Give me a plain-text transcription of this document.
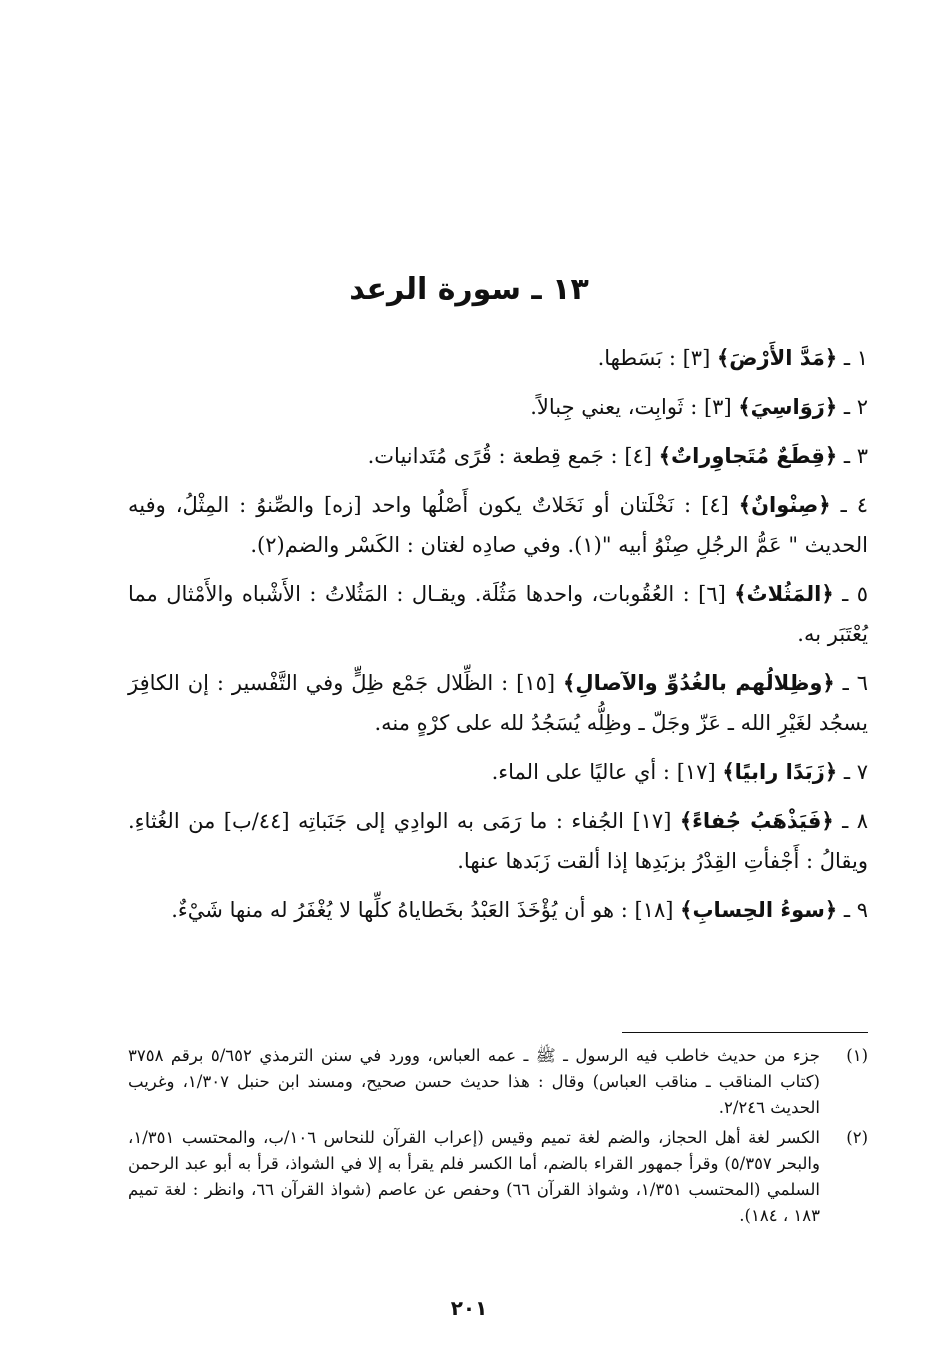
١٣ ـ سورة الرعد

١ ـ ﴿مَدَّ الأَرْضَ﴾ [٣] : بَسَطها.

٢ ـ ﴿رَوَاسِيَ﴾ [٣] : ثَوابِت، يعني جِبالاً.

٣ ـ ﴿قِطَعٌ مُتَجاوِراتٌ﴾ [٤] : جَمع قِطعة : قُرًى مُتَدانيات.

٤ ـ ﴿صِنْوانٌ﴾ [٤] : نَخْلَتان أو نَخَلاتٌ يكون أَصْلُها واحد [زه] والصِّنوُ : المِثْلُ، وفيه الحديث " عَمُّ الرجُلِ صِنْوُ أبيه "(١). وفي صادِه لغتان : الكَسْر والضم(٢).

٥ ـ ﴿المَثُلاتُ﴾ [٦] : العُقُوبات، واحدها مَثُلَة. ويقـال : المَثُلاتُ : الأَشْباه والأَمْثال مما يُعْتَبَر به.

٦ ـ ﴿وظِلالُهم بالغُدُوِّ والآصالِ﴾ [١٥] : الظِّلال جَمْع ظِلٍّ وفي التَّفْسير : إن الكافِرَ يسجُد لغَيْرِ الله ـ عَزّ وجَلّ ـ وظِلُّه يُسَجُدُ لله على كرْهٍ منه.

٧ ـ ﴿زَبَدًا رابيًا﴾ [١٧] : أي عاليًا على الماء.

٨ ـ ﴿فَيَذْهَبُ جُفاءً﴾ [١٧] الجُفاء : ما رَمَى به الوادِي إلى جَنَباتِه [٤٤/ب] من الغُثاءِ. ويقالُ : أَجْفأتِ القِدْرُ بزبَدِها إذا ألقت زَبَدها عنها.

٩ ـ ﴿سوءُ الحِسابِ﴾ [١٨] : هو أن يُؤْخَذَ العَبْدُ بخَطاياهُ كلِّها لا يُغْفَرُ له منها شَيْءٌ.

(١)
جزء من حديث خاطب فيه الرسول ـ ﷺ ـ عمه العباس، وورد في سنن الترمذي ٥/٦٥٢ برقم ٣٧٥٨ (كتاب المناقب ـ مناقب العباس) وقال : هذا حديث حسن صحيح، ومسند ابن حنبل ١/٣٠٧، وغريب الحديث ٢/٢٤٦.
(٢)
الكسر لغة أهل الحجاز، والضم لغة تميم وقيس (إعراب القرآن للنحاس ١٠٦/ب، والمحتسب ١/٣٥١، والبحر ٥/٣٥٧) وقرأ جمهور القراء بالضم، أما الكسر فلم يقرأ به إلا في الشواذ، قرأ به أبو عبد الرحمن السلمي (المحتسب ١/٣٥١، وشواذ القرآن ٦٦) وحفص عن عاصم (شواذ القرآن ٦٦، وانظر : لغة تميم ١٨٣ ، ١٨٤).
٢٠١
